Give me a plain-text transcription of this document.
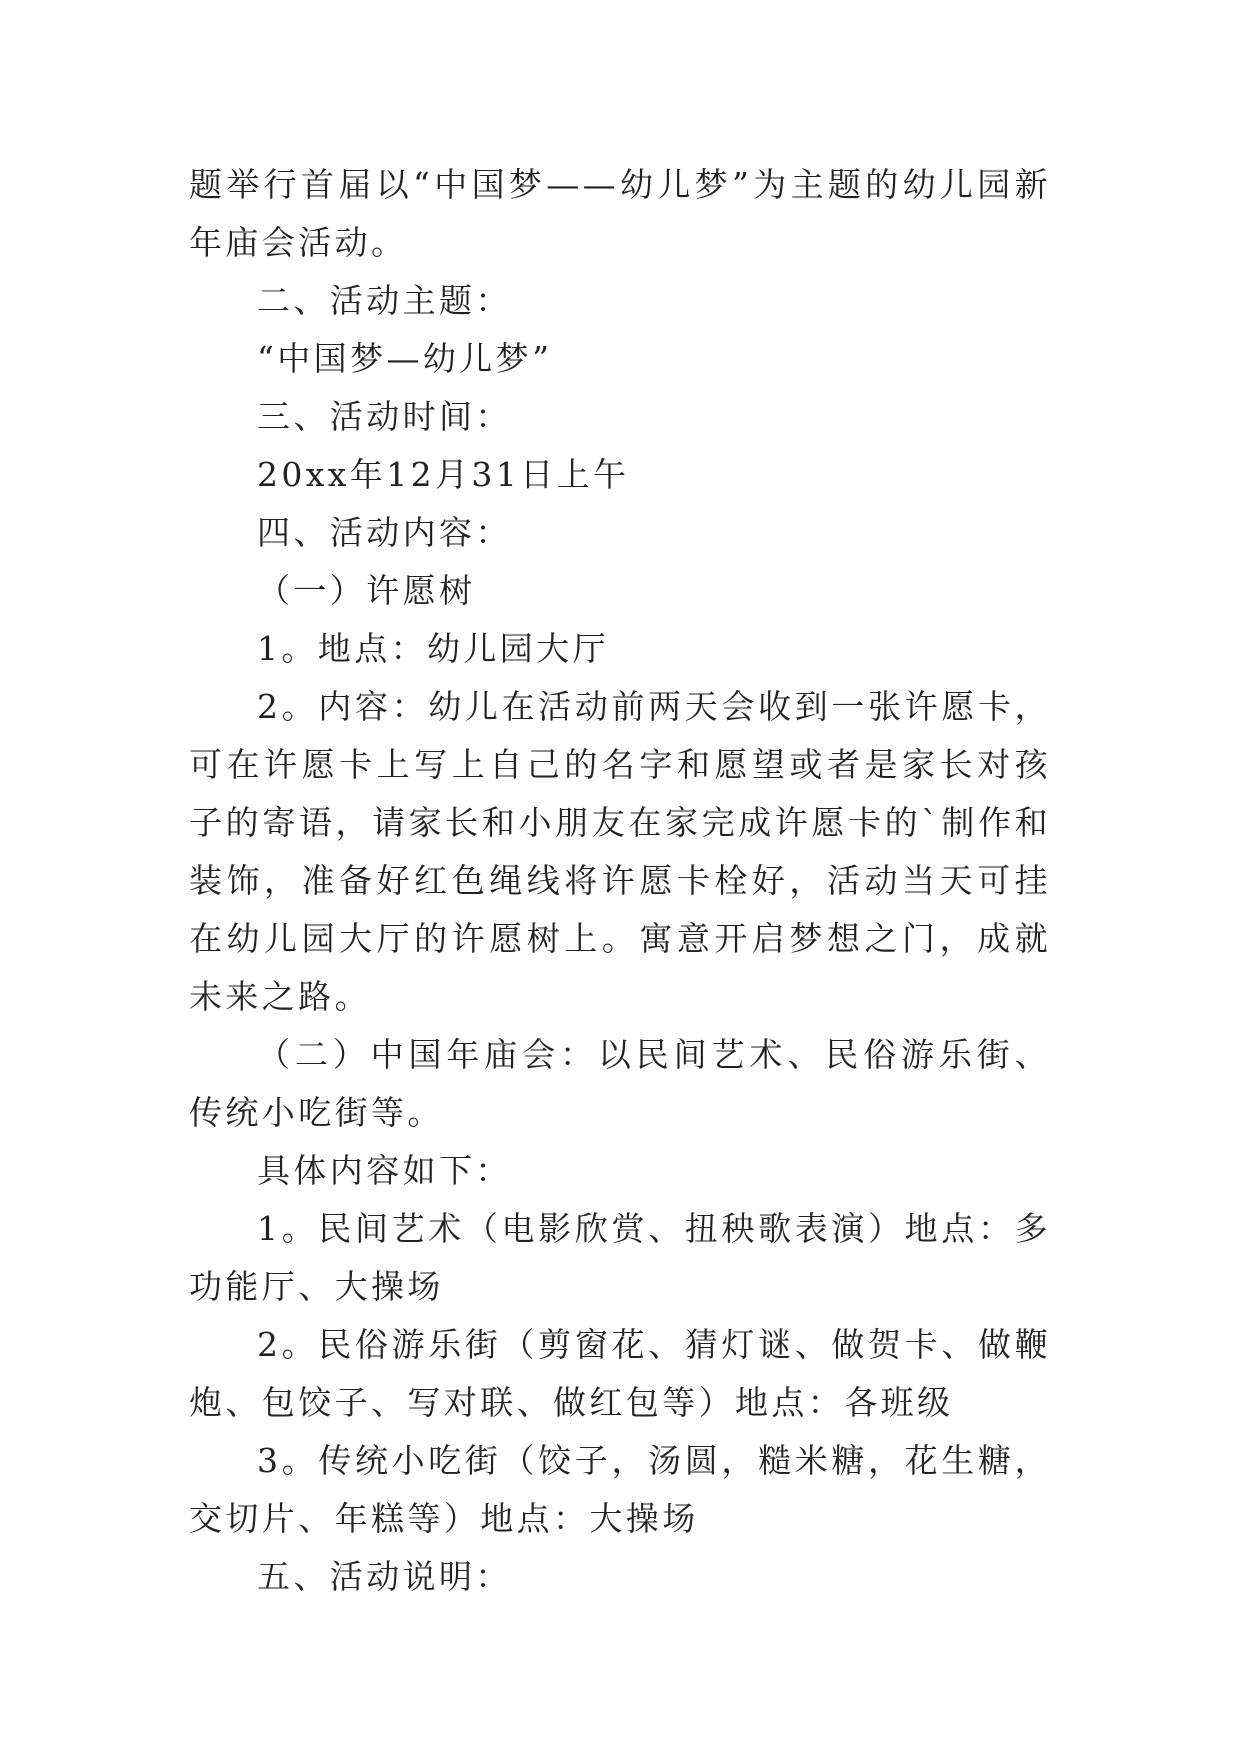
题举行首届以“中国梦——幼儿梦”为主题的幼儿园新年庙会活动。

二、活动主题：

“中国梦—幼儿梦”

三、活动时间：

20xx年12月31日上午

四、活动内容：

（一）许愿树

1。地点：幼儿园大厅

2。内容：幼儿在活动前两天会收到一张许愿卡，可在许愿卡上写上自己的名字和愿望或者是家长对孩子的寄语，请家长和小朋友在家完成许愿卡的`制作和装饰，准备好红色绳线将许愿卡栓好，活动当天可挂在幼儿园大厅的许愿树上。寓意开启梦想之门，成就未来之路。

（二）中国年庙会：以民间艺术、民俗游乐街、传统小吃街等。

具体内容如下：

1。民间艺术（电影欣赏、扭秧歌表演）地点：多功能厅、大操场

2。民俗游乐街（剪窗花、猜灯谜、做贺卡、做鞭炮、包饺子、写对联、做红包等）地点：各班级

3。传统小吃街（饺子，汤圆，糙米糖，花生糖，交切片、年糕等）地点：大操场

五、活动说明：
